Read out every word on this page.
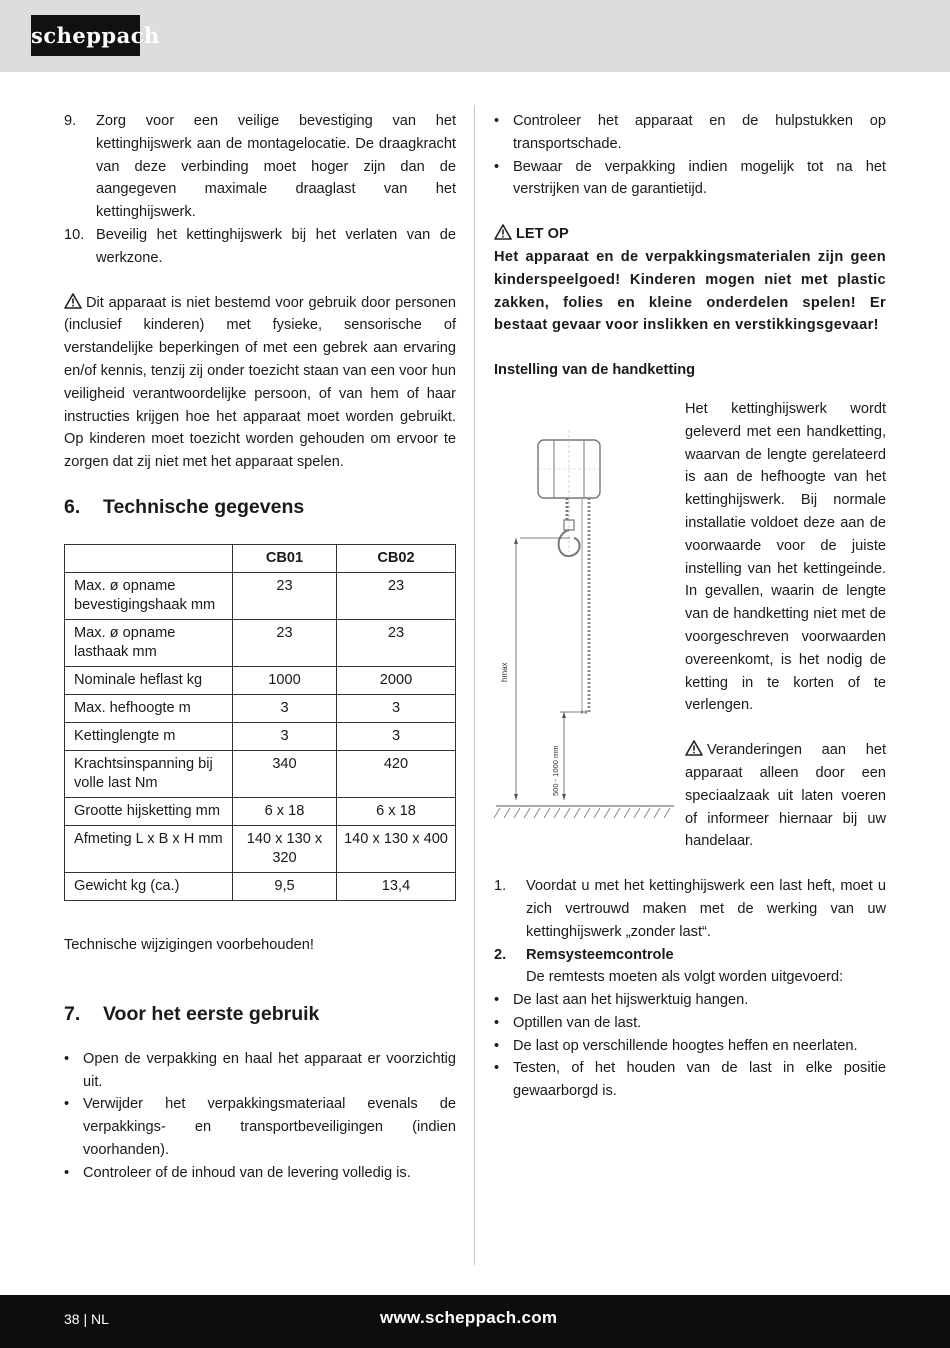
scheppach
9. Zorg voor een veilige bevestiging van het kettinghijswerk aan de montagelocatie. De draagkracht van deze verbinding moet hoger zijn dan de aangegeven maximale draaglast van het kettinghijswerk.
10. Beveilig het kettinghijswerk bij het verlaten van de werkzone.

Dit apparaat is niet bestemd voor gebruik door personen (inclusief kinderen) met fysieke, sensorische of verstandelijke beperkingen of met een gebrek aan ervaring en/of kennis, tenzij zij onder toezicht staan van een voor hun veiligheid verantwoordelijke persoon, of van hem of haar instructies krijgen hoe het apparaat moet worden gebruikt. Op kinderen moet toezicht worden gehouden om ervoor te zorgen dat zij niet met het apparaat spelen.

6. Technische gegevens
	CB01	CB02
Max. ø opname bevestigingshaak mm	23	23
Max. ø opname lasthaak mm	23	23
Nominale heflast kg	1000	2000
Max. hefhoogte m	3	3
Kettinglengte m	3	3
Krachtsinspanning bij volle last Nm	340	420
Grootte hijsketting mm	6 x 18	6 x 18
Afmeting L x B x H mm	140 x 130 x 320	140 x 130 x 400
Gewicht kg (ca.)	9,5	13,4

Technische wijzigingen voorbehouden!

7. Voor het eerste gebruik
• Open de verpakking en haal het apparaat er voorzichtig uit.
• Verwijder het verpakkingsmateriaal evenals de verpakkings- en transportbeveiligingen (indien voorhanden).
• Controleer of de inhoud van de levering volledig is.
• Controleer het apparaat en de hulpstukken op transportschade.
• Bewaar de verpakking indien mogelijk tot na het verstrijken van de garantietijd.
LET OP

Het apparaat en de verpakkingsmaterialen zijn geen kinderspeelgoed! Kinderen mogen niet met plastic zakken, folies en kleine onderdelen spelen! Er bestaat gevaar voor inslikken en verstikkingsgevaar!

Instelling van de handketting

hmax
500 - 1000 mm

Het kettinghijswerk wordt geleverd met een handketting, waarvan de lengte gerelateerd is aan de hefhoogte van het kettinghijswerk. Bij normale installatie voldoet deze aan de voorwaarde voor de juiste instelling van het kettingeinde. In gevallen, waarin de lengte van de handketting niet met de voorgeschreven voorwaarden overeenkomt, is het nodig de ketting in te korten of te verlengen.

Veranderingen aan het apparaat alleen door een speciaalzaak uit laten voeren of informeer hiernaar bij uw handelaar.

1. Voordat u met het kettinghijswerk een last heft, moet u zich vertrouwd maken met de werking van uw kettinghijswerk „zonder last“.
2. Remsysteemcontrole
De remtests moeten als volgt worden uitgevoerd:
• De last aan het hijswerktuig hangen.
• Optillen van de last.
• De last op verschillende hoogtes heffen en neerlaten.
• Testen, of het houden van de last in elke positie gewaarborgd is.
38 | NL	www.scheppach.com
